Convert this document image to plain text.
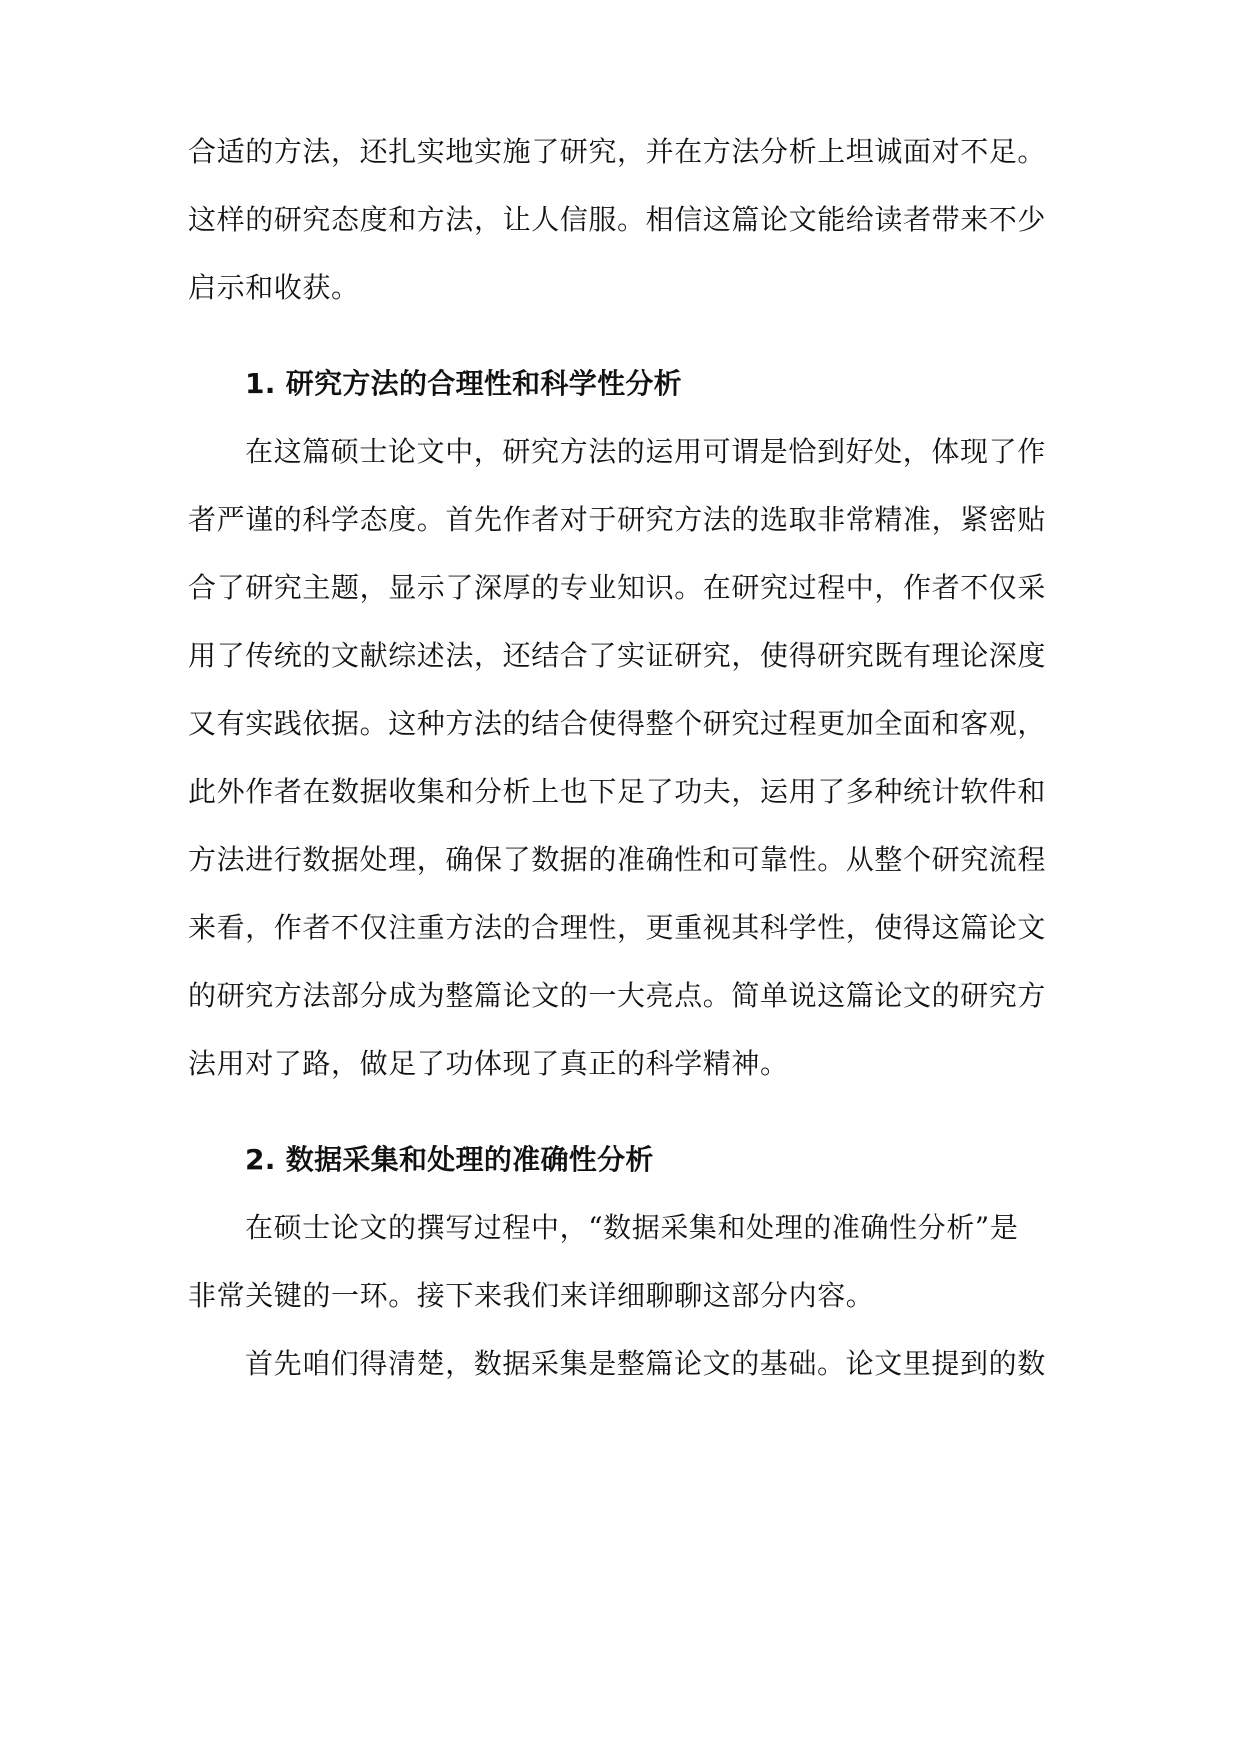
合适的方法，还扎实地实施了研究，并在方法分析上坦诚面对不足。
这样的研究态度和方法，让人信服。相信这篇论文能给读者带来不少
启示和收获。
1. 研究方法的合理性和科学性分析
在这篇硕士论文中，研究方法的运用可谓是恰到好处，体现了作
者严谨的科学态度。首先作者对于研究方法的选取非常精准，紧密贴
合了研究主题，显示了深厚的专业知识。在研究过程中，作者不仅采
用了传统的文献综述法，还结合了实证研究，使得研究既有理论深度
又有实践依据。这种方法的结合使得整个研究过程更加全面和客观，
此外作者在数据收集和分析上也下足了功夫，运用了多种统计软件和
方法进行数据处理，确保了数据的准确性和可靠性。从整个研究流程
来看，作者不仅注重方法的合理性，更重视其科学性，使得这篇论文
的研究方法部分成为整篇论文的一大亮点。简单说这篇论文的研究方
法用对了路，做足了功体现了真正的科学精神。
2. 数据采集和处理的准确性分析
在硕士论文的撰写过程中，“数据采集和处理的准确性分析”是
非常关键的一环。接下来我们来详细聊聊这部分内容。
首先咱们得清楚，数据采集是整篇论文的基础。论文里提到的数
